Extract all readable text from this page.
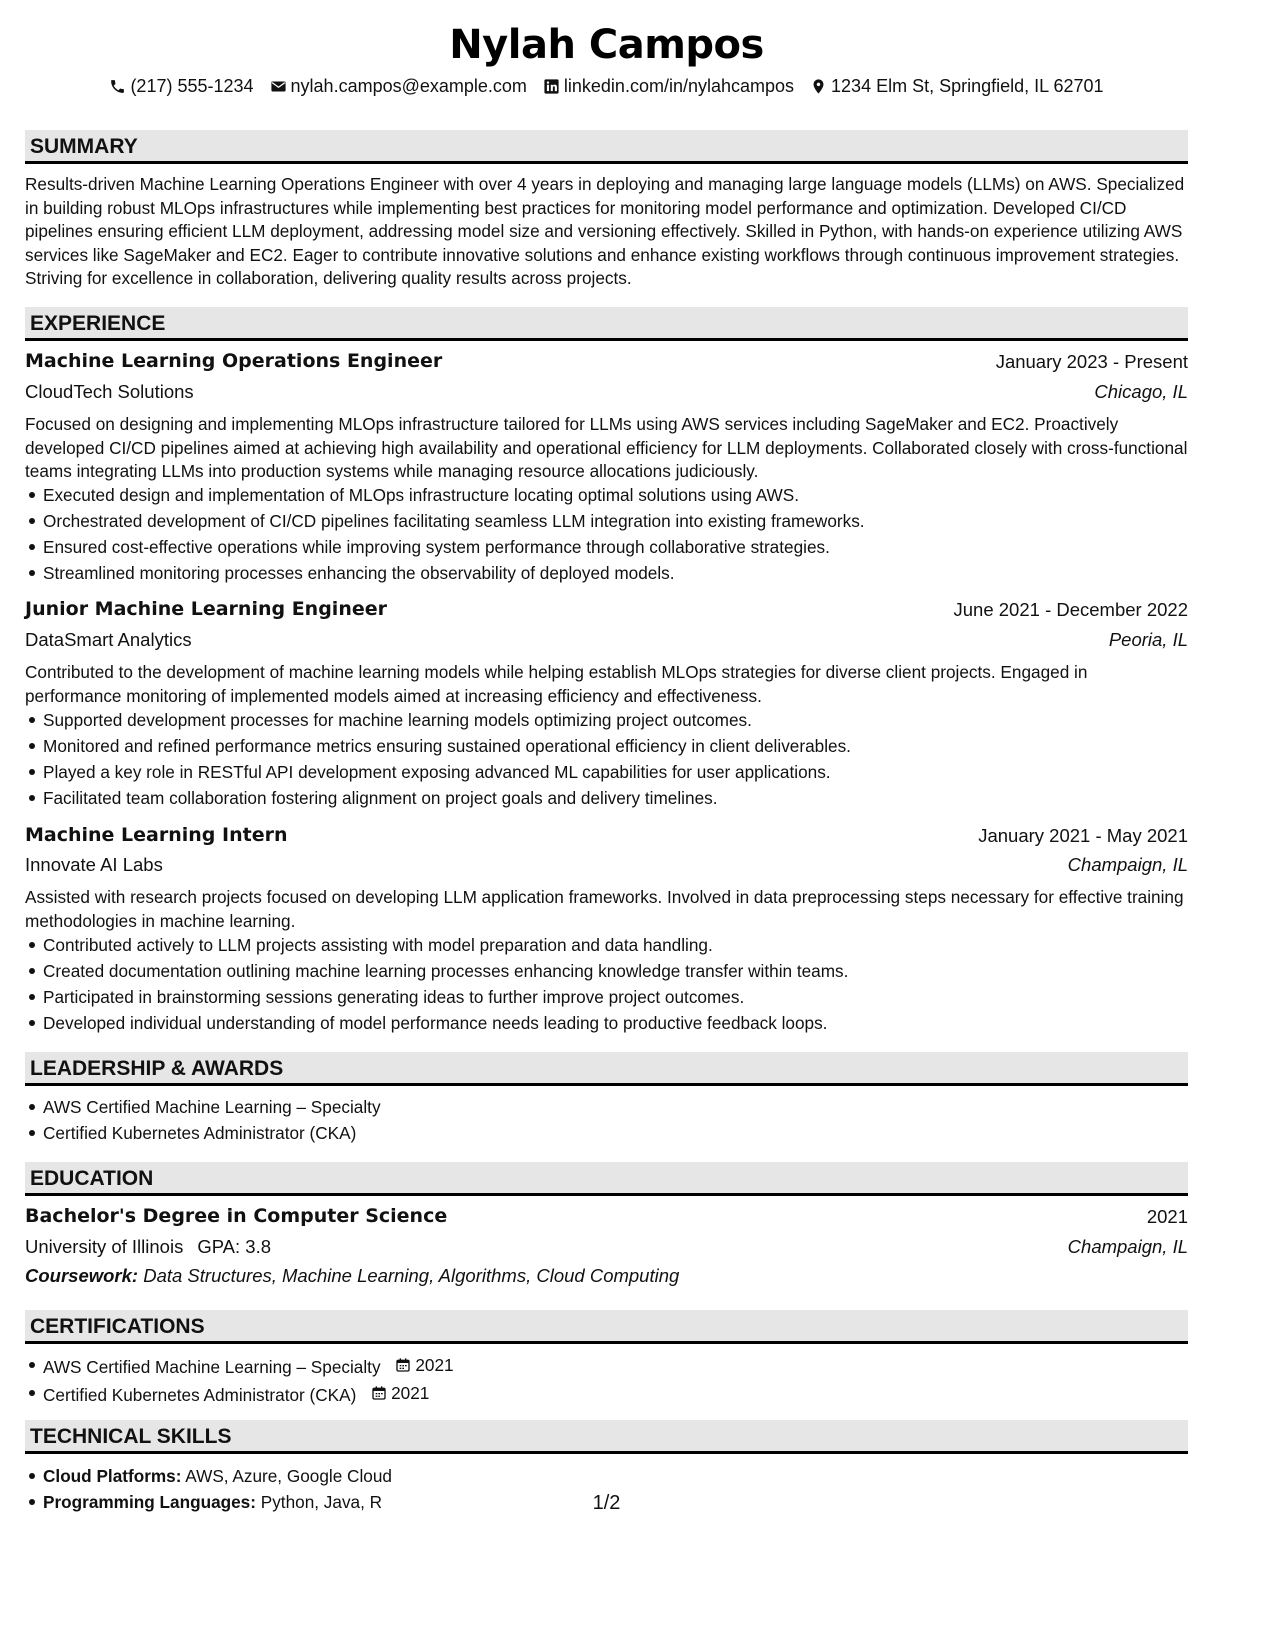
Nylah Campos
(217) 555-1234 nylah.campos@example.com linkedin.com/in/nylahcampos 1234 Elm St, Springfield, IL 62701
SUMMARY
Results-driven Machine Learning Operations Engineer with over 4 years in deploying and managing large language models (LLMs) on AWS. Specialized in building robust MLOps infrastructures while implementing best practices for monitoring model performance and optimization. Developed CI/CD pipelines ensuring efficient LLM deployment, addressing model size and versioning effectively. Skilled in Python, with hands-on experience utilizing AWS services like SageMaker and EC2. Eager to contribute innovative solutions and enhance existing workflows through continuous improvement strategies. Striving for excellence in collaboration, delivering quality results across projects.
EXPERIENCE
Machine Learning Operations Engineer	January 2023 - Present
CloudTech Solutions	Chicago, IL
Focused on designing and implementing MLOps infrastructure tailored for LLMs using AWS services including SageMaker and EC2. Proactively developed CI/CD pipelines aimed at achieving high availability and operational efficiency for LLM deployments. Collaborated closely with cross-functional teams integrating LLMs into production systems while managing resource allocations judiciously.
Executed design and implementation of MLOps infrastructure locating optimal solutions using AWS.
Orchestrated development of CI/CD pipelines facilitating seamless LLM integration into existing frameworks.
Ensured cost-effective operations while improving system performance through collaborative strategies.
Streamlined monitoring processes enhancing the observability of deployed models.
Junior Machine Learning Engineer	June 2021 - December 2022
DataSmart Analytics	Peoria, IL
Contributed to the development of machine learning models while helping establish MLOps strategies for diverse client projects. Engaged in performance monitoring of implemented models aimed at increasing efficiency and effectiveness.
Supported development processes for machine learning models optimizing project outcomes.
Monitored and refined performance metrics ensuring sustained operational efficiency in client deliverables.
Played a key role in RESTful API development exposing advanced ML capabilities for user applications.
Facilitated team collaboration fostering alignment on project goals and delivery timelines.
Machine Learning Intern	January 2021 - May 2021
Innovate AI Labs	Champaign, IL
Assisted with research projects focused on developing LLM application frameworks. Involved in data preprocessing steps necessary for effective training methodologies in machine learning.
Contributed actively to LLM projects assisting with model preparation and data handling.
Created documentation outlining machine learning processes enhancing knowledge transfer within teams.
Participated in brainstorming sessions generating ideas to further improve project outcomes.
Developed individual understanding of model performance needs leading to productive feedback loops.
LEADERSHIP & AWARDS
AWS Certified Machine Learning – Specialty
Certified Kubernetes Administrator (CKA)
EDUCATION
Bachelor's Degree in Computer Science	2021
University of Illinois GPA: 3.8	Champaign, IL
Coursework: Data Structures, Machine Learning, Algorithms, Cloud Computing
CERTIFICATIONS
AWS Certified Machine Learning – Specialty 2021
Certified Kubernetes Administrator (CKA) 2021
TECHNICAL SKILLS
Cloud Platforms: AWS, Azure, Google Cloud
Programming Languages: Python, Java, R	1/2
